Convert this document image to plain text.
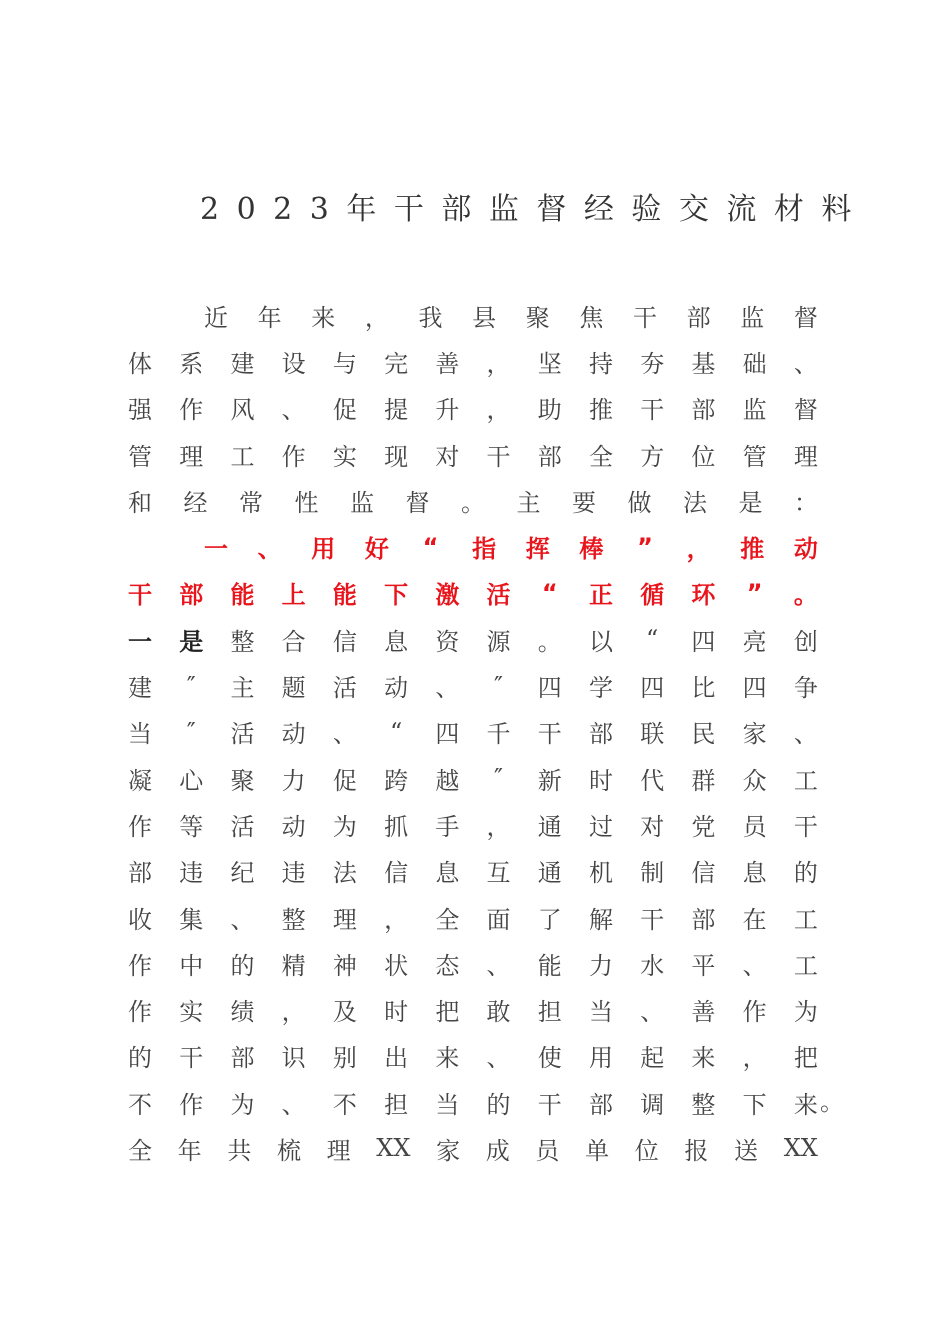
2023年干部监督经验交流材料
近 年 来 ， 我 县 聚 焦 干 部 监 督
体 系 建 设 与 完 善 ， 坚 持 夯 基 础 、
强 作 风 、 促 提 升 ， 助 推 干 部 监 督
管 理 工 作 实 现 对 干 部 全 方 位 管 理
和 经 常 性 监 督 。 主 要 做 法 是 ：
一 、 用 好 “ 指 挥 棒 ” ， 推 动
干 部 能 上 能 下 激 活 “ 正 循 环 ” 。
一 是 整 合 信 息 资 源 。 以 “ 四 亮 创
建	″	主 题 活 动 、	″	四 学 四 比 四 争
当	″	活 动 、 “ 四 千 干 部 联 民 家 、
凝 心 聚 力 促 跨 越	″	新 时 代 群 众 工
作 等 活 动 为 抓 手 ， 通 过 对 党 员 干
部 违 纪 违 法 信 息 互 通 机 制 信 息 的
收 集 、 整 理 ， 全 面 了 解 干 部 在 工
作 中 的 精 神 状 态 、 能 力 水 平 、 工
作 实 绩 ， 及 时 把 敢 担 当 、 善 作 为
的 干 部 识 别 出 来 、 使 用 起 来 ， 把
不 作 为 、 不 担 当 的 干 部 调 整 下 来 。
全 年 共 梳 理 XX 家 成 员 单 位 报 送 XX
